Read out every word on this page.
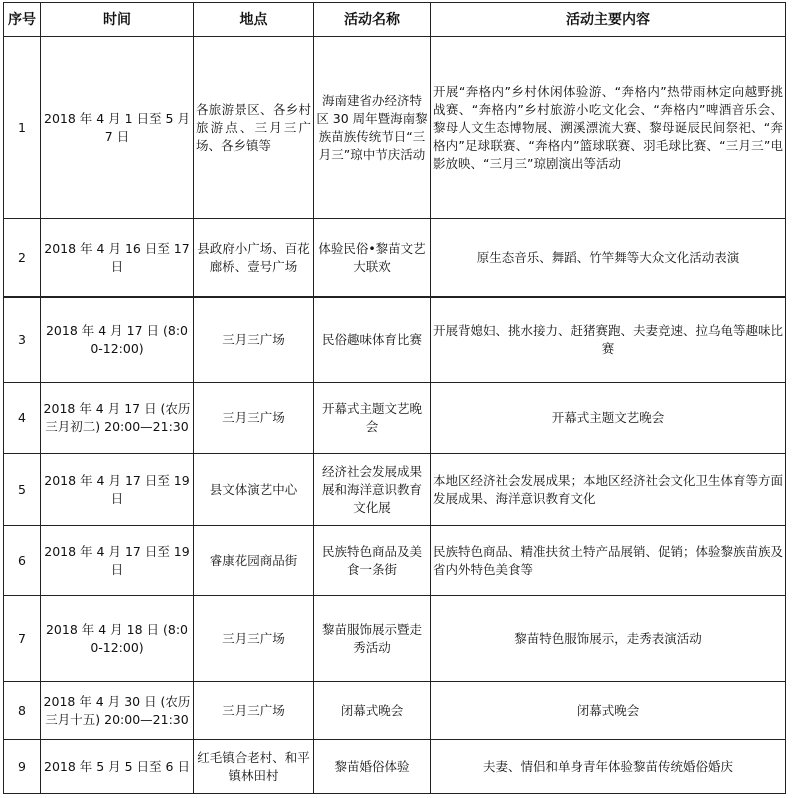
序号	时间	地点	活动名称	活动主要内容
1	2018 年 4 月 1 日至 5 月 7 日	各旅游景区、各乡村旅游点、三月三广场、各乡镇等	海南建省办经济特区 30 周年暨海南黎族苗族传统节日“三月三”琼中节庆活动	开展“奔格内”乡村休闲体验游、“奔格内”热带雨林定向越野挑战赛、“奔格内”乡村旅游小吃文化会、“奔格内”啤酒音乐会、黎母人文生态博物展、溯溪漂流大赛、黎母诞辰民间祭祀、“奔格内”足球联赛、“奔格内”篮球联赛、羽毛球比赛、“三月三”电影放映、“三月三”琼剧演出等活动
2	2018 年 4 月 16 日至 17 日	县政府小广场、百花廊桥、壹号广场	体验民俗•黎苗文艺大联欢	原生态音乐、舞蹈、竹竿舞等大众文化活动表演
3	2018 年 4 月 17 日 (8:00-12:00)	三月三广场	民俗趣味体育比赛	开展背媳妇、挑水接力、赶猪赛跑、夫妻竞速、拉乌龟等趣味比赛
4	2018 年 4 月 17 日 (农历三月初二) 20:00—21:30	三月三广场	开幕式主题文艺晚会	开幕式主题文艺晚会
5	2018 年 4 月 17 日至 19 日	县文体演艺中心	经济社会发展成果展和海洋意识教育文化展	本地区经济社会发展成果；本地区经济社会文化卫生体育等方面发展成果、海洋意识教育文化
6	2018 年 4 月 17 日至 19 日	睿康花园商品街	民族特色商品及美食一条街	民族特色商品、精准扶贫土特产品展销、促销；体验黎族苗族及省内外特色美食等
7	2018 年 4 月 18 日 (8:00-12:00)	三月三广场	黎苗服饰展示暨走秀活动	黎苗特色服饰展示，走秀表演活动
8	2018 年 4 月 30 日 (农历三月十五) 20:00—21:30	三月三广场	闭幕式晚会	闭幕式晚会
9	2018 年 5 月 5 日至 6 日	红毛镇合老村、和平镇林田村	黎苗婚俗体验	夫妻、情侣和单身青年体验黎苗传统婚俗婚庆
